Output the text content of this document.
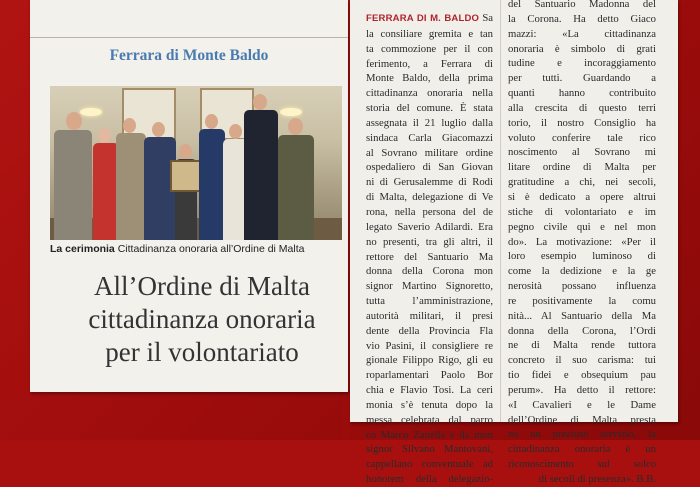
Ferrara di Monte Baldo
La cerimonia Cittadinanza onoraria all’Ordine di Malta
All’Ordine di Malta
cittadinanza onoraria
per il volontariato

FERRARA DI M. BALDO Sa

la consiliare gremita e tan

ta commozione per il con

ferimento, a Ferrara di

Monte Baldo, della prima

cittadinanza onoraria nella

storia del comune. È stata

assegnata il 21 luglio dalla

sindaca Carla Giacomazzi

al Sovrano militare ordine

ospedaliero di San Giovan

ni di Gerusalemme di Rodi

di Malta, delegazione di Ve

rona, nella persona del de

legato Saverio Adilardi. Era

no presenti, tra gli altri, il

rettore del Santuario Ma

donna della Corona mon

signor Martino Signoretto,

tutta l’amministrazione,

autorità militari, il presi

dente della Provincia Fla

vio Pasini, il consigliere re

gionale Filippo Rigo, gli eu

roparlamentari Paolo Bor

chia e Flavio Tosi. La ceri

monia s’è tenuta dopo la

messa celebrata dal parro

co Marco Zanella e da mon

signor Silvano Mantovani,

cappellano conventuale ad

honorem della delegazio-

del Santuario Madonna del

la Corona. Ha detto Giaco

mazzi: «La cittadinanza

onoraria è simbolo di grati

tudine e incoraggiamento

per tutti. Guardando a

quanti hanno contribuito

alla crescita di questo terri

torio, il nostro Consiglio ha

voluto conferire tale rico

noscimento al Sovrano mi

litare ordine di Malta per

gratitudine a chi, nei secoli,

si è dedicato a opere altrui

stiche di volontariato e im

pegno civile qui e nel mon

do». La motivazione: «Per il

loro esempio luminoso di

come la dedizione e la ge

nerosità possano influenza

re positivamente la comu

nità... Al Santuario della Ma

donna della Corona, l’Ordi

ne di Malta rende tuttora

concreto il suo carisma: tui

tio fidei e obsequium pau

perum». Ha detto il rettore:

«I Cavalieri e le Dame

dell’Ordine di Malta presta

no un prezioso servizio, la

cittadinanza onoraria è un

riconoscimento sul solco

di secoli di presenza». B.B.
